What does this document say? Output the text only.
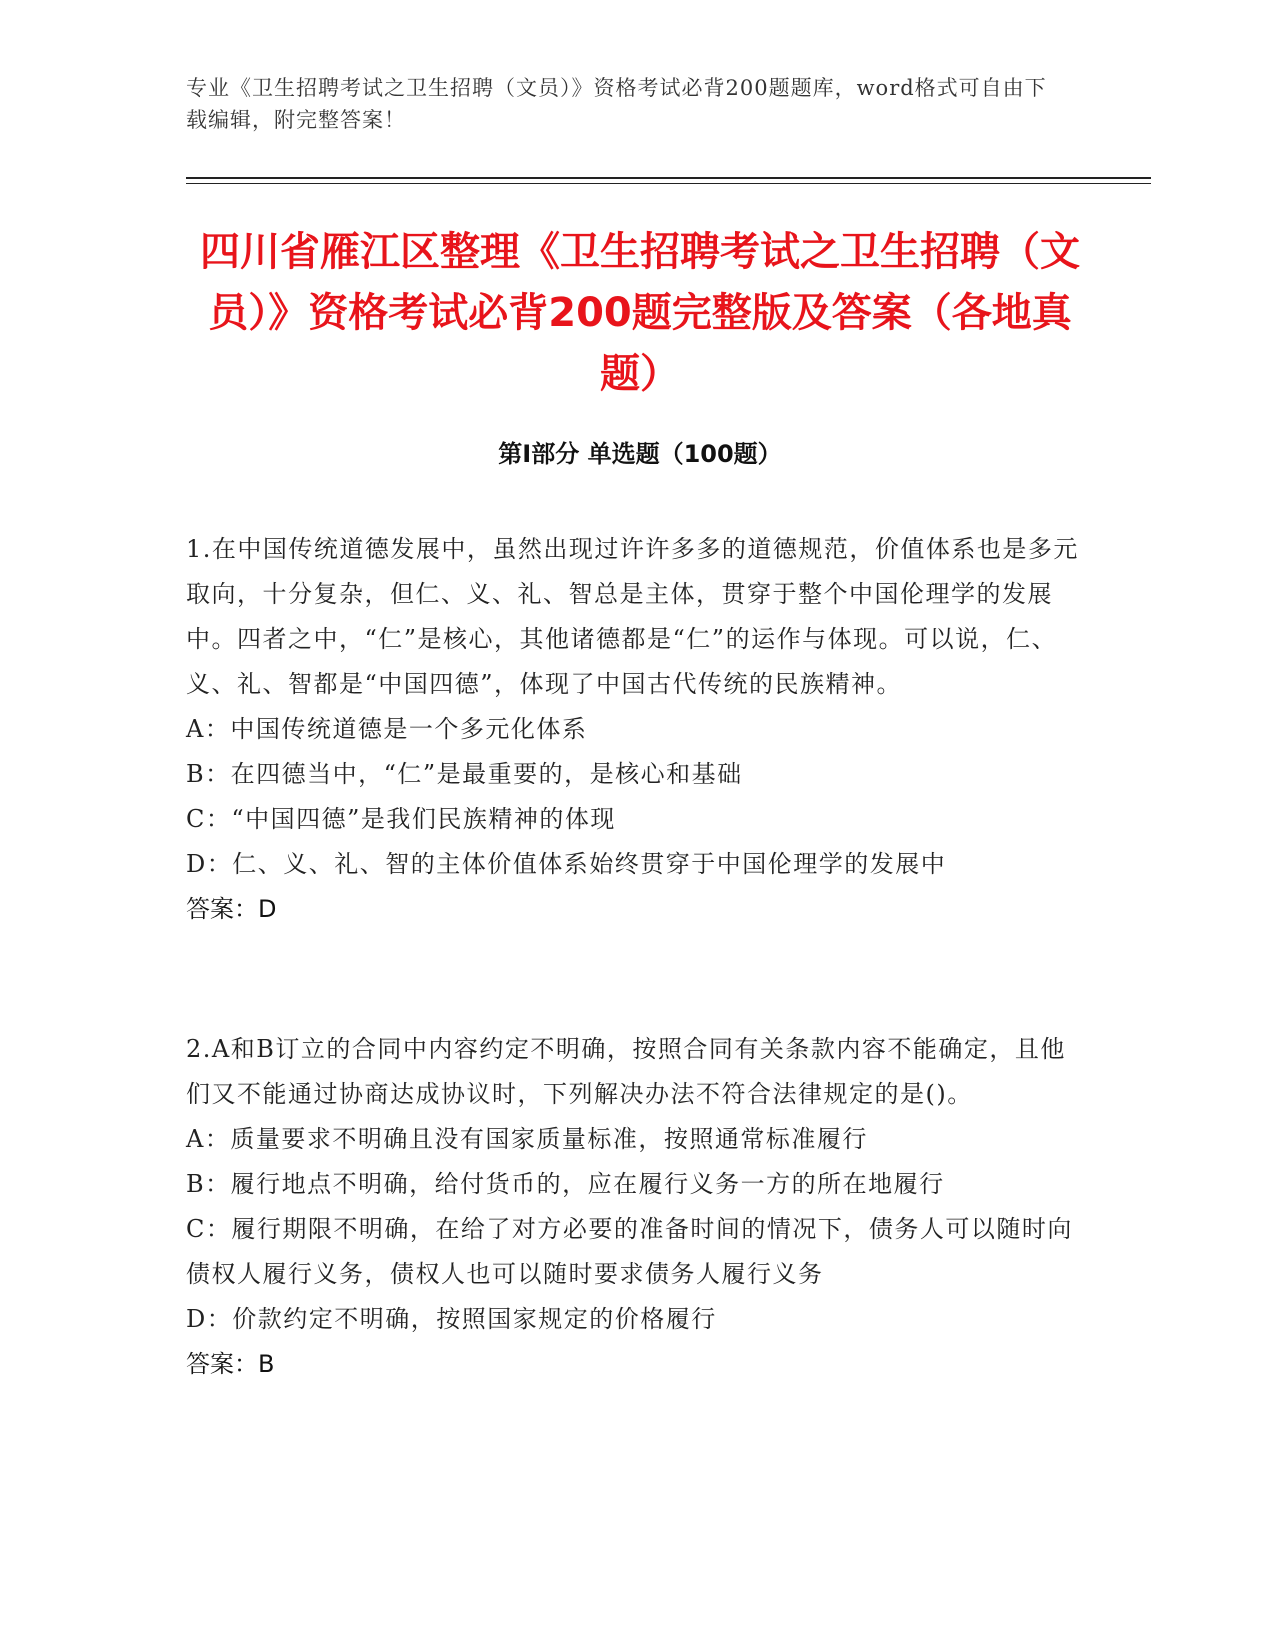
专业《卫生招聘考试之卫生招聘（文员）》资格考试必背200题题库，word格式可自由下载编辑，附完整答案！
四川省雁江区整理《卫生招聘考试之卫生招聘（文员）》资格考试必背200题完整版及答案（各地真题）
第Ⅰ部分 单选题（100题）

1.在中国传统道德发展中，虽然出现过许许多多的道德规范，价值体系也是多元取向，十分复杂，但仁、义、礼、智总是主体，贯穿于整个中国伦理学的发展中。四者之中，“仁”是核心，其他诸德都是“仁”的运作与体现。可以说，仁、义、礼、智都是“中国四德”，体现了中国古代传统的民族精神。

A：中国传统道德是一个多元化体系

B：在四德当中，“仁”是最重要的，是核心和基础

C：“中国四德”是我们民族精神的体现

D：仁、义、礼、智的主体价值体系始终贯穿于中国伦理学的发展中

答案：D

2.A和B订立的合同中内容约定不明确，按照合同有关条款内容不能确定，且他们又不能通过协商达成协议时，下列解决办法不符合法律规定的是()。

A：质量要求不明确且没有国家质量标准，按照通常标准履行

B：履行地点不明确，给付货币的，应在履行义务一方的所在地履行

C：履行期限不明确，在给了对方必要的准备时间的情况下，债务人可以随时向债权人履行义务，债权人也可以随时要求债务人履行义务

D：价款约定不明确，按照国家规定的价格履行

答案：B
